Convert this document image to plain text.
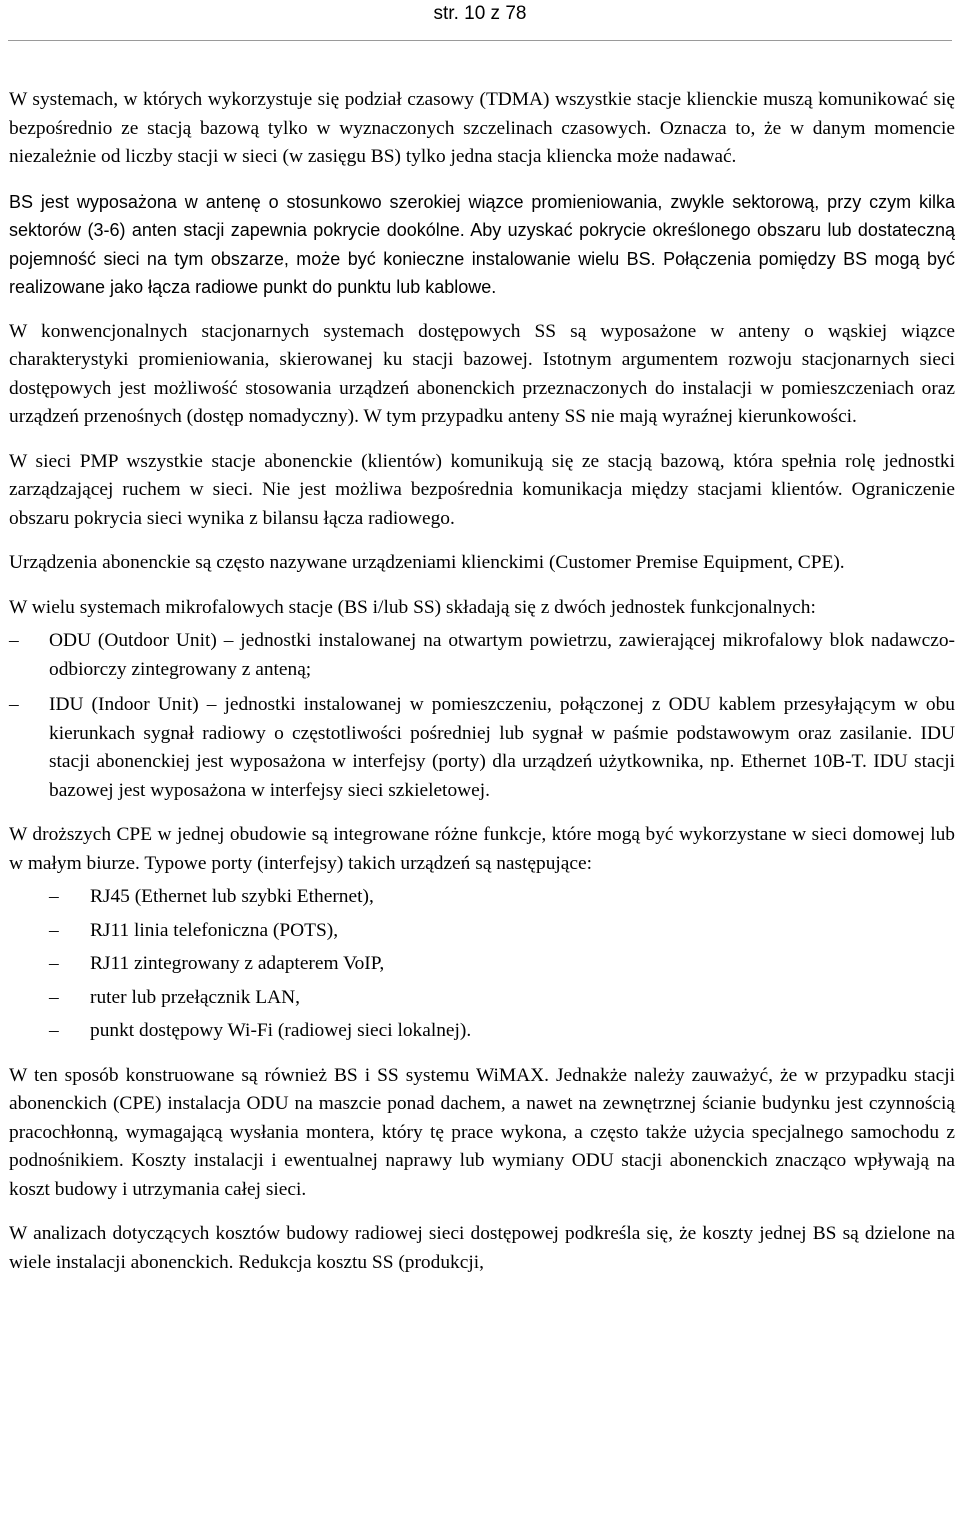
str. 10 z 78

W systemach, w których wykorzystuje się podział czasowy (TDMA) wszystkie stacje klienckie muszą komunikować się bezpośrednio ze stacją bazową tylko w wyznaczonych szczelinach czasowych. Oznacza to, że w danym momencie niezależnie od liczby stacji w sieci (w zasięgu BS) tylko jedna stacja kliencka może nadawać.

BS jest wyposażona w antenę o stosunkowo szerokiej wiązce promieniowania, zwykle sektorową, przy czym kilka sektorów (3-6) anten stacji zapewnia pokrycie dookólne. Aby uzyskać pokrycie określonego obszaru lub dostateczną pojemność sieci na tym obszarze, może być konieczne instalowanie wielu BS. Połączenia pomiędzy BS mogą być realizowane jako łącza radiowe punkt do punktu lub kablowe.

W konwencjonalnych stacjonarnych systemach dostępowych SS są wyposażone w anteny o wąskiej wiązce charakterystyki promieniowania, skierowanej ku stacji bazowej. Istotnym argumentem rozwoju stacjonarnych sieci dostępowych jest możliwość stosowania urządzeń abonenckich przeznaczonych do instalacji w pomieszczeniach oraz urządzeń przenośnych (dostęp nomadyczny). W tym przypadku anteny SS nie mają wyraźnej kierunkowości.

W sieci PMP wszystkie stacje abonenckie (klientów) komunikują się ze stacją bazową, która spełnia rolę jednostki zarządzającej ruchem w sieci. Nie jest możliwa bezpośrednia komunikacja między stacjami klientów. Ograniczenie obszaru pokrycia sieci wynika z bilansu łącza radiowego.

Urządzenia abonenckie są często nazywane urządzeniami klienckimi (Customer Premise Equipment, CPE).

W wielu systemach mikrofalowych stacje (BS i/lub SS) składają się z dwóch jednostek funkcjonalnych:

– ODU (Outdoor Unit) – jednostki instalowanej na otwartym powietrzu, zawierającej mikrofalowy blok nadawczo-odbiorczy zintegrowany z anteną;
– IDU (Indoor Unit) – jednostki instalowanej w pomieszczeniu, połączonej z ODU kablem przesyłającym w obu kierunkach sygnał radiowy o częstotliwości pośredniej lub sygnał w paśmie podstawowym oraz zasilanie. IDU stacji abonenckiej jest wyposażona w interfejsy (porty) dla urządzeń użytkownika, np. Ethernet 10B-T. IDU stacji bazowej jest wyposażona w interfejsy sieci szkieletowej.

W droższych CPE w jednej obudowie są integrowane różne funkcje, które mogą być wykorzystane w sieci domowej lub w małym biurze. Typowe porty (interfejsy) takich urządzeń są następujące:

– RJ45 (Ethernet lub szybki Ethernet),
– RJ11 linia telefoniczna (POTS),
– RJ11 zintegrowany z adapterem VoIP,
– ruter lub przełącznik LAN,
– punkt dostępowy Wi-Fi (radiowej sieci lokalnej).

W ten sposób konstruowane są również BS i SS systemu WiMAX. Jednakże należy zauważyć, że w przypadku stacji abonenckich (CPE) instalacja ODU na maszcie ponad dachem, a nawet na zewnętrznej ścianie budynku jest czynnością pracochłonną, wymagającą wysłania montera, który tę prace wykona, a często także użycia specjalnego samochodu z podnośnikiem. Koszty instalacji i ewentualnej naprawy lub wymiany ODU stacji abonenckich znacząco wpływają na koszt budowy i utrzymania całej sieci.

W analizach dotyczących kosztów budowy radiowej sieci dostępowej podkreśla się, że koszty jednej BS są dzielone na wiele instalacji abonenckich. Redukcja kosztu SS (produkcji,
